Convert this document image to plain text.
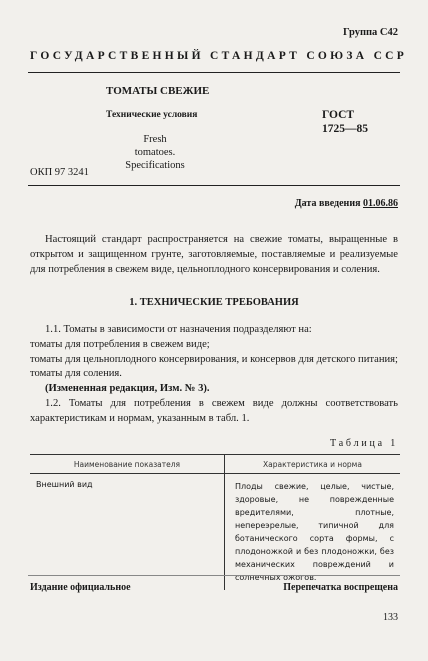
Группа С42
ГОСУДАРСТВЕННЫЙ СТАНДАРТ СОЮЗА ССР
ТОМАТЫ СВЕЖИЕ
Технические условия	ГОСТ
1725—85
Fresh tomatoes.
Specifications
ОКП 97 3241
Дата введения 01.06.86
Настоящий стандарт распространяется на свежие томаты, выращенные в открытом и защищенном грунте, заготовляемые, поставляемые и реализуемые для потребления в свежем виде, цельноплодного консервирования и соления.
1. ТЕХНИЧЕСКИЕ ТРЕБОВАНИЯ
1.1. Томаты в зависимости от назначения подразделяют на:
томаты для потребления в свежем виде;
томаты для цельноплодного консервирования, и консервов для детского питания;
томаты для соления.
(Измененная редакция, Изм. № 3).
1.2. Томаты для потребления в свежем виде должны соответствовать характеристикам и нормам, указанным в табл. 1.
Таблица 1
Наименование показателя	Характеристика и норма
Внешний вид	Плоды свежие, целые, чистые, здоровые, не поврежденные вредителями, плотные, непереэрелые, типичной для ботанического сорта формы, с плодоножкой и без плодоножки, без механических повреждений и солнечных ожогов.
Издание официальное	Перепечатка воспрещена
133
